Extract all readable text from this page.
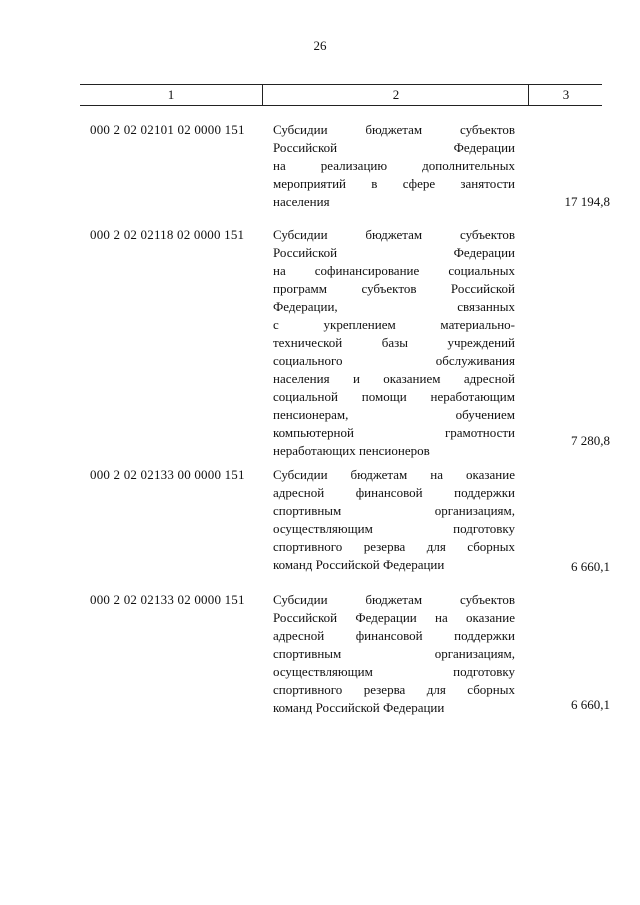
26
1	2	3
000 2 02 02101 02 0000 151 Субсидии бюджетам субъектов
Российской Федерации
на реализацию дополнительных
мероприятий в сфере занятости
населения	17 194,8
000 2 02 02118 02 0000 151 Субсидии бюджетам субъектов
Российской Федерации
на софинансирование социальных
программ субъектов Российской
Федерации, связанных
с укреплением материально-
технической базы учреждений
социального обслуживания
населения и оказанием адресной
социальной помощи неработающим
пенсионерам, обучением
компьютерной грамотности
неработающих пенсионеров
7 280,8
000 2 02 02133 00 0000 151 Субсидии бюджетам на оказание
адресной финансовой поддержки
спортивным организациям,
осуществляющим подготовку
спортивного резерва для сборных
команд Российской Федерации	6 660,1
000 2 02 02133 02 0000 151 Субсидии бюджетам субъектов
Российской Федерации на оказание
адресной финансовой поддержки
спортивным организациям,
осуществляющим подготовку
спортивного резерва для сборных
команд Российской Федерации	6 660,1
